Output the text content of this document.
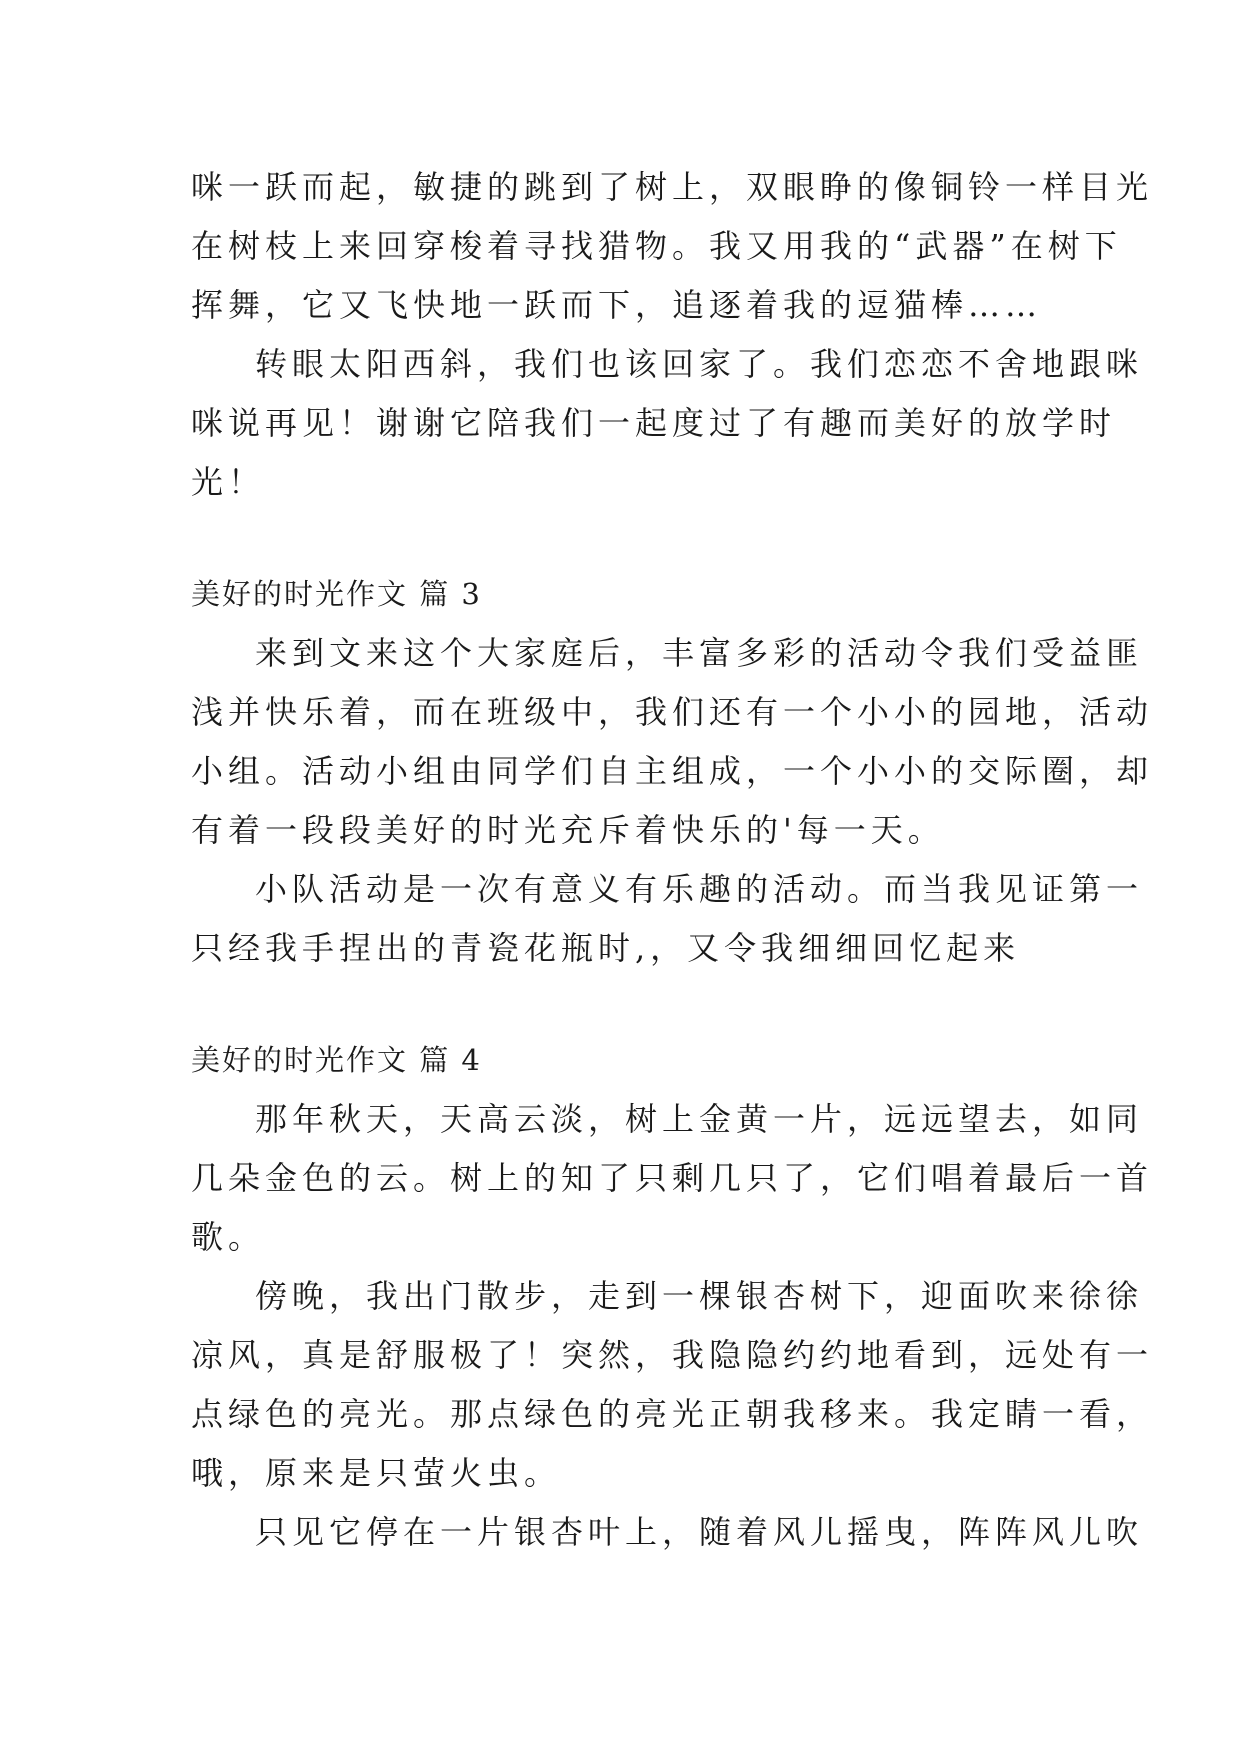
咪一跃而起，敏捷的跳到了树上，双眼睁的像铜铃一样目光
在树枝上来回穿梭着寻找猎物。我又用我的“武器”在树下
挥舞，它又飞快地一跃而下，追逐着我的逗猫棒……
转眼太阳西斜，我们也该回家了。我们恋恋不舍地跟咪
咪说再见！谢谢它陪我们一起度过了有趣而美好的放学时
光！
美好的时光作文 篇 3
来到文来这个大家庭后，丰富多彩的活动令我们受益匪
浅并快乐着，而在班级中，我们还有一个小小的园地，活动
小组。活动小组由同学们自主组成，一个小小的交际圈，却
有着一段段美好的时光充斥着快乐的'每一天。
小队活动是一次有意义有乐趣的活动。而当我见证第一
只经我手捏出的青瓷花瓶时,，又令我细细回忆起来
美好的时光作文 篇 4
那年秋天，天高云淡，树上金黄一片，远远望去，如同
几朵金色的云。树上的知了只剩几只了，它们唱着最后一首
歌。
傍晚，我出门散步，走到一棵银杏树下，迎面吹来徐徐
凉风，真是舒服极了！突然，我隐隐约约地看到，远处有一
点绿色的亮光。那点绿色的亮光正朝我移来。我定睛一看，
哦，原来是只萤火虫。
只见它停在一片银杏叶上，随着风儿摇曳，阵阵风儿吹
